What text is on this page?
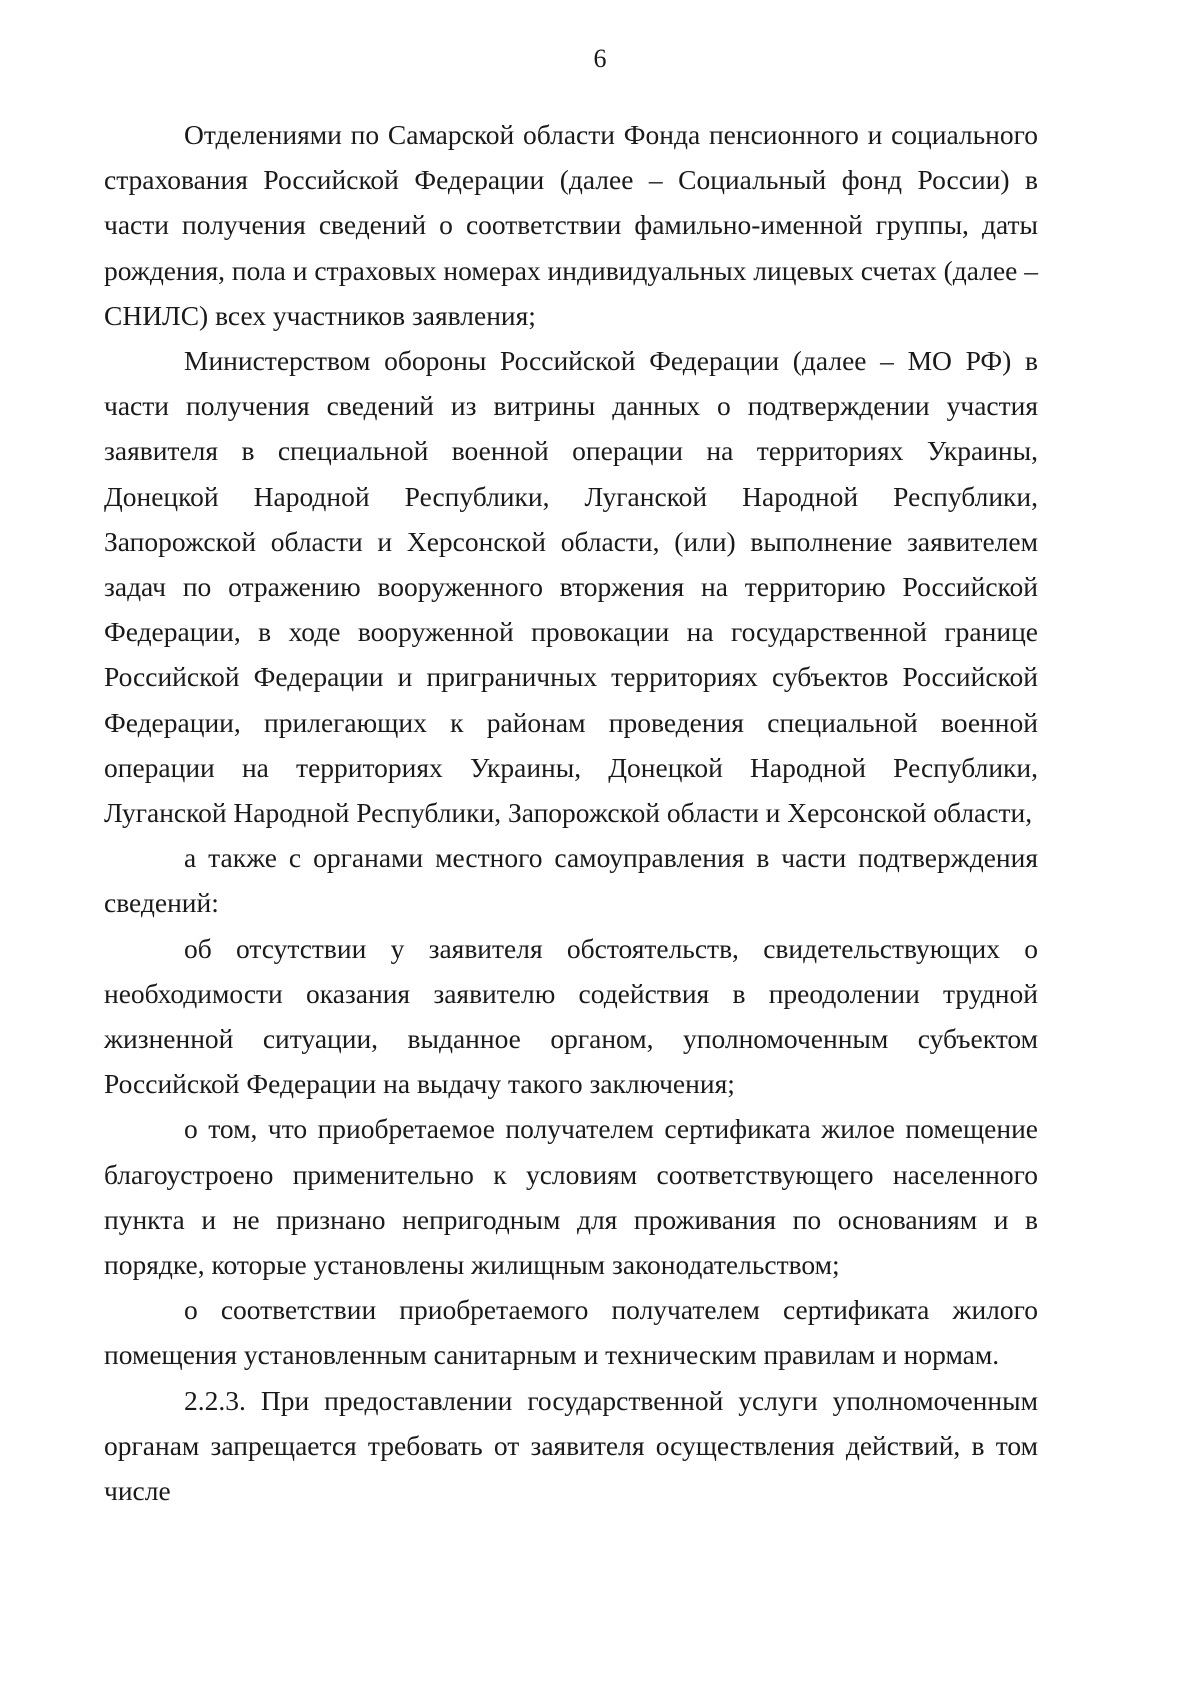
6

Отделениями по Самарской области Фонда пенсионного и социального страхования Российской Федерации (далее – Социальный фонд России) в части получения сведений о соответствии фамильно-именной группы, даты рождения, пола и страховых номерах индивидуальных лицевых счетах (далее – СНИЛС) всех участников заявления;

Министерством обороны Российской Федерации (далее – МО РФ) в части получения сведений из витрины данных о подтверждении участия заявителя в специальной военной операции на территориях Украины, Донецкой Народной Республики, Луганской Народной Республики, Запорожской области и Херсонской области, (или) выполнение заявителем задач по отражению вооруженного вторжения на территорию Российской Федерации, в ходе вооруженной провокации на государственной границе Российской Федерации и приграничных территориях субъектов Российской Федерации, прилегающих к районам проведения специальной военной операции на территориях Украины, Донецкой Народной Республики, Луганской Народной Республики, Запорожской области и Херсонской области,

а также с органами местного самоуправления в части подтверждения сведений:

об отсутствии у заявителя обстоятельств, свидетельствующих о необходимости оказания заявителю содействия в преодолении трудной жизненной ситуации, выданное органом, уполномоченным субъектом Российской Федерации на выдачу такого заключения;

о том, что приобретаемое получателем сертификата жилое помещение благоустроено применительно к условиям соответствующего населенного пункта и не признано непригодным для проживания по основаниям и в порядке, которые установлены жилищным законодательством;

о соответствии приобретаемого получателем сертификата жилого помещения установленным санитарным и техническим правилам и нормам.

2.2.3. При предоставлении государственной услуги уполномоченным органам запрещается требовать от заявителя осуществления действий, в том числе
